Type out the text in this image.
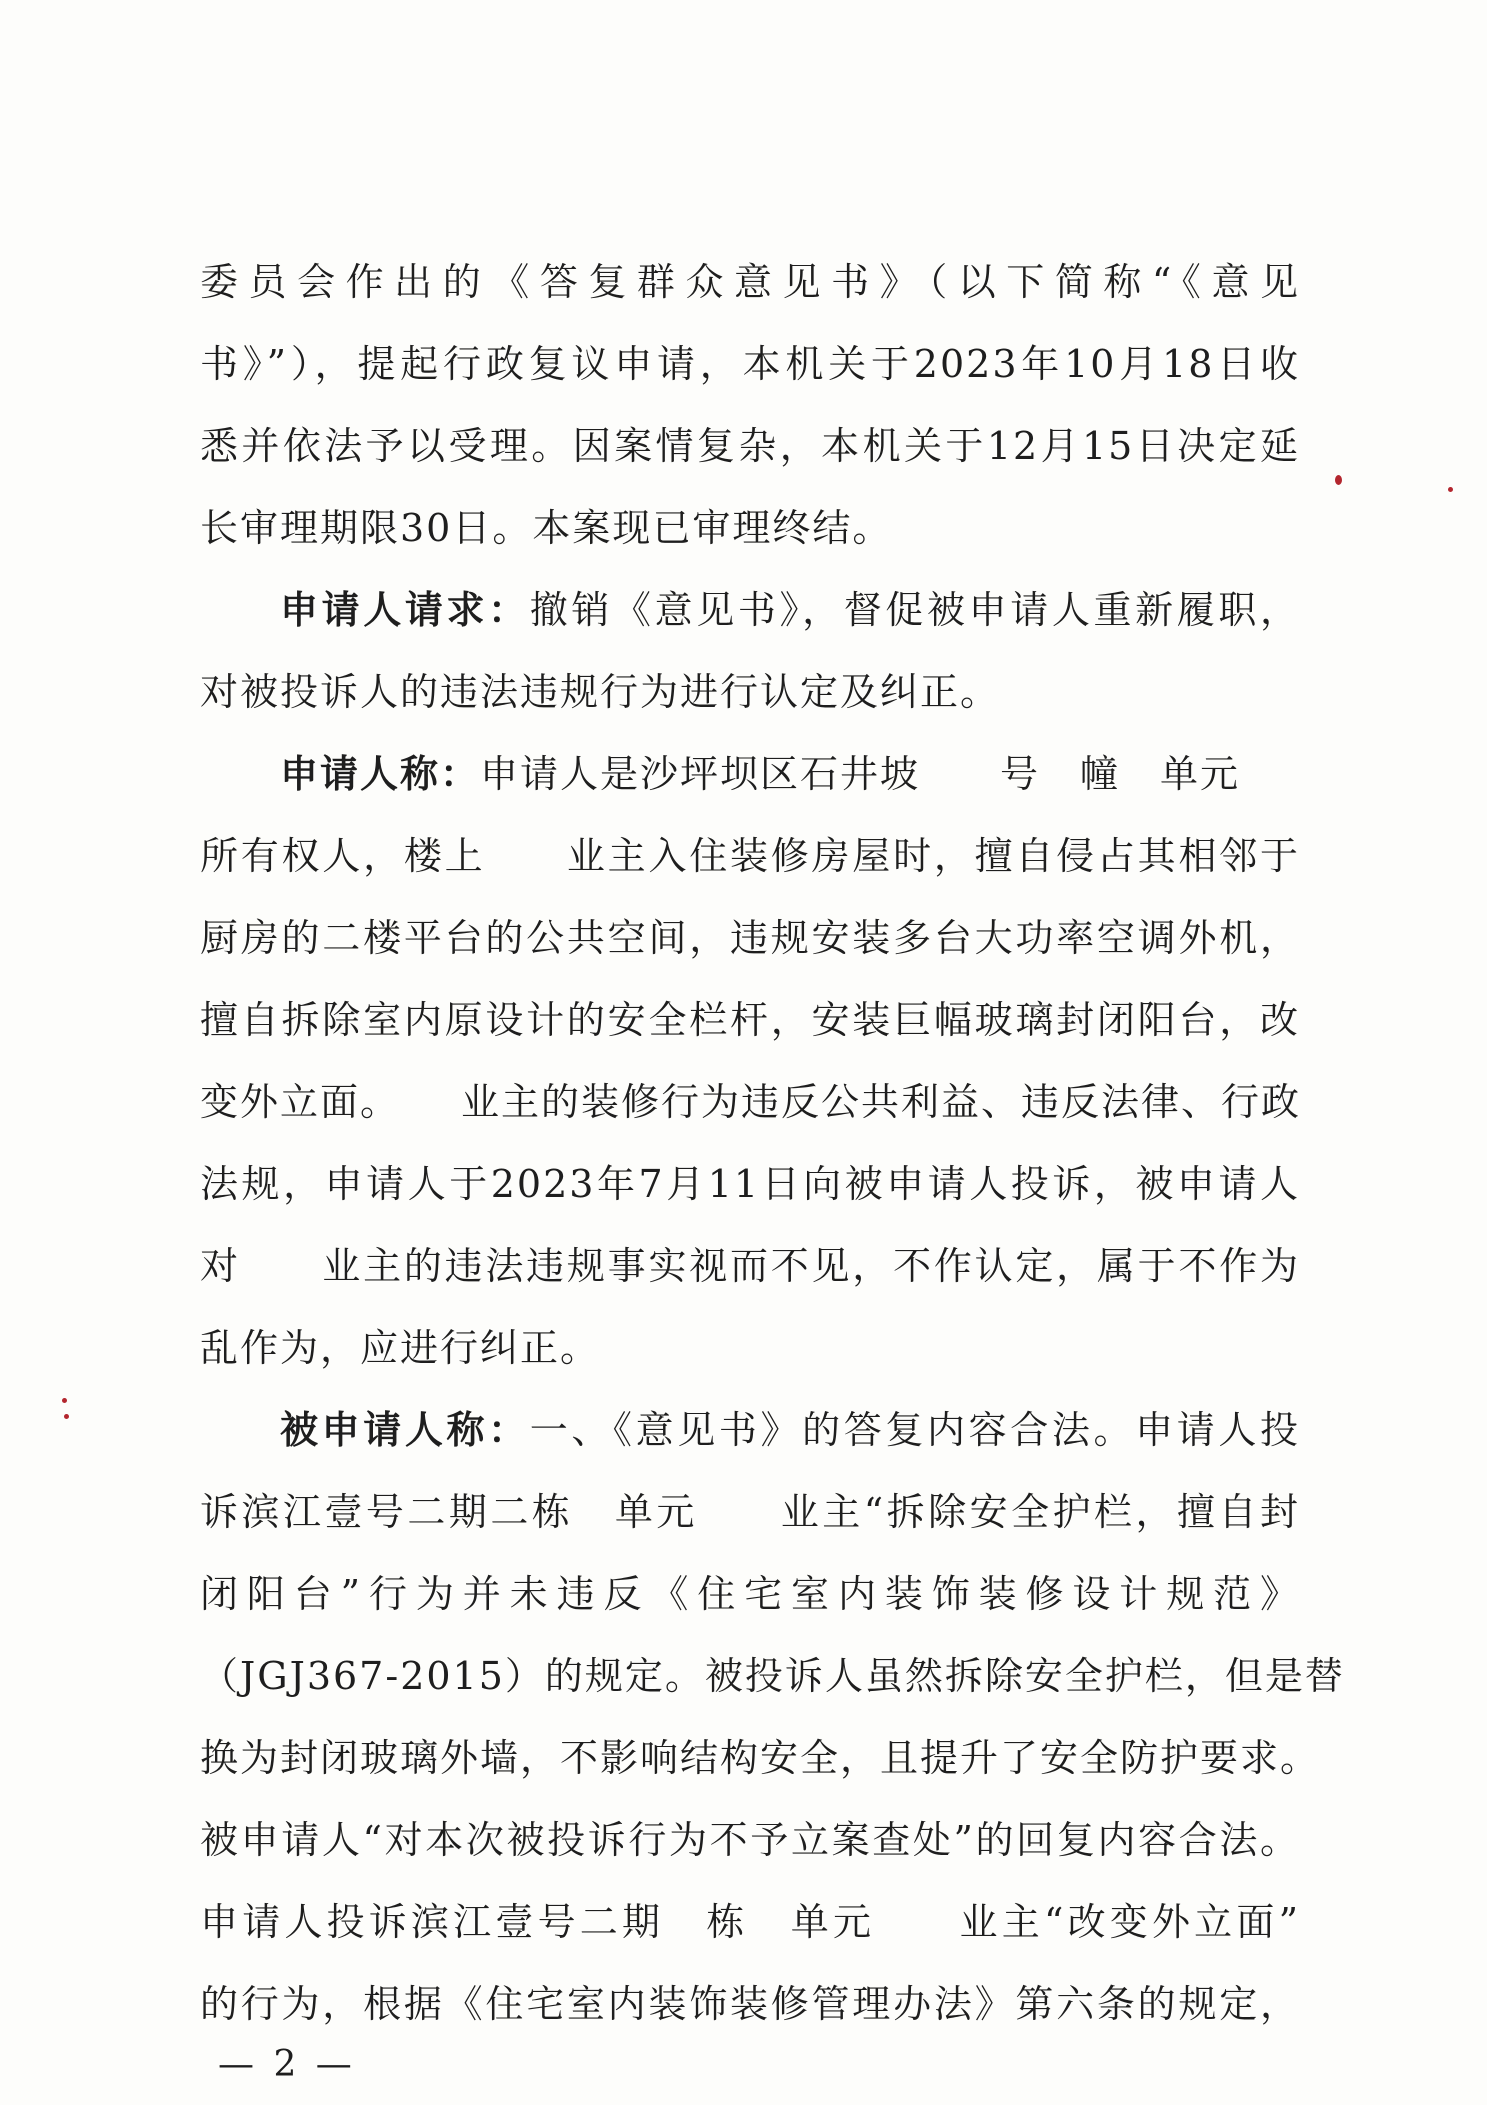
委员会作出的《答复群众意见书》（以下简称“《意见
书》”），提起行政复议申请，本机关于2023年10月18日收
悉并依法予以受理。因案情复杂，本机关于12月15日决定延
长审理期限30日。本案现已审理终结。
申请人请求：撤销《意见书》，督促被申请人重新履职，
对被投诉人的违法违规行为进行认定及纠正。
申请人称：申请人是沙坪坝区石井坡　　号　幢　单元
所有权人，楼上　　业主入住装修房屋时，擅自侵占其相邻于
厨房的二楼平台的公共空间，违规安装多台大功率空调外机，
擅自拆除室内原设计的安全栏杆，安装巨幅玻璃封闭阳台，改
变外立面。　　业主的装修行为违反公共利益、违反法律、行政
法规，申请人于2023年7月11日向被申请人投诉，被申请人
对　　业主的违法违规事实视而不见，不作认定，属于不作为
乱作为，应进行纠正。
被申请人称：一、《意见书》的答复内容合法。申请人投
诉滨江壹号二期二栋　单元　　业主“拆除安全护栏，擅自封
闭阳台”行为并未违反《住宅室内装饰装修设计规范》
（JGJ367-2015）的规定。被投诉人虽然拆除安全护栏，但是替
换为封闭玻璃外墙，不影响结构安全，且提升了安全防护要求。
被申请人“对本次被投诉行为不予立案查处”的回复内容合法。
申请人投诉滨江壹号二期　栋　单元　　业主“改变外立面”
的行为，根据《住宅室内装饰装修管理办法》第六条的规定，
— 2 —
